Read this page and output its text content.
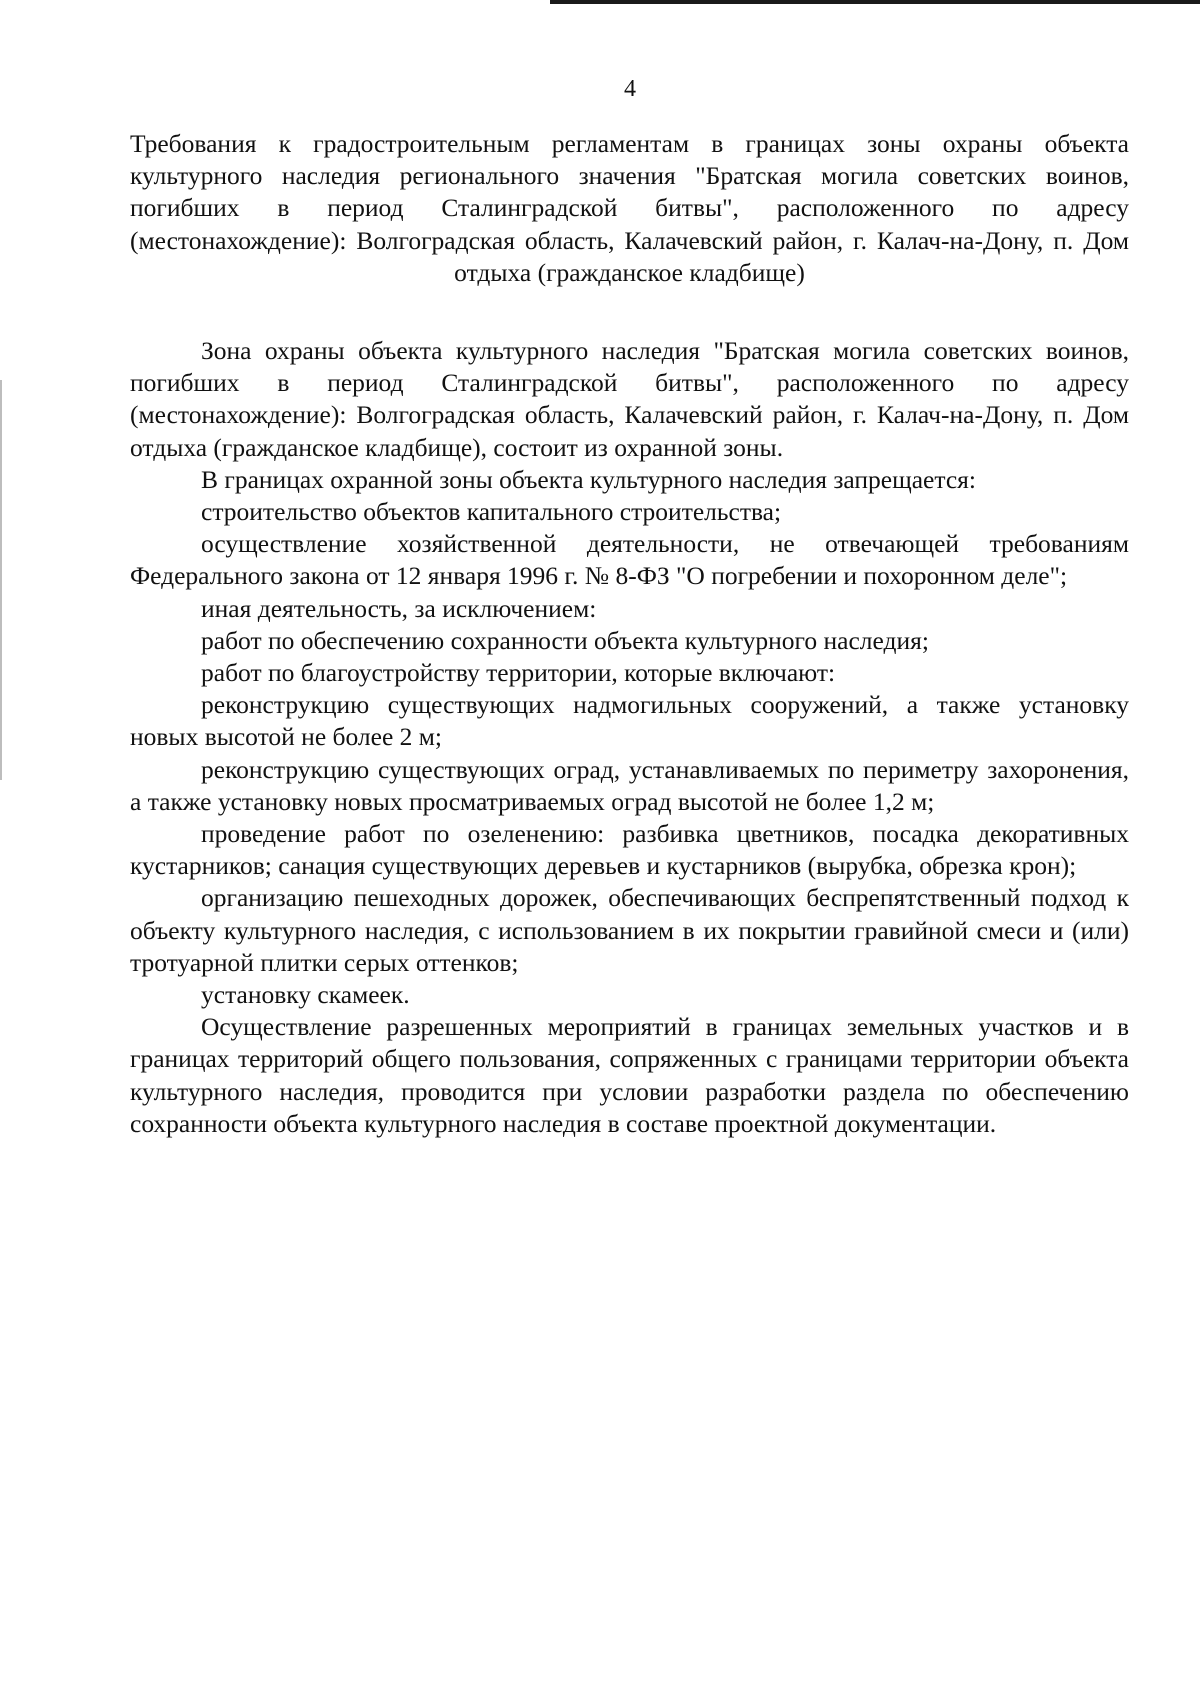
4

Требования к градостроительным регламентам в границах зоны охраны объекта культурного наследия регионального значения "Братская могила советских воинов, погибших в период Сталинградской битвы", расположенного по адресу (местонахождение): Волгоградская область, Калачевский район, г. Калач-на-Дону, п. Дом отдыха (гражданское кладбище)

Зона охраны объекта культурного наследия "Братская могила советских воинов, погибших в период Сталинградской битвы", расположенного по адресу (местонахождение): Волгоградская область, Калачевский район, г. Калач-на-Дону, п. Дом отдыха (гражданское кладбище), состоит из охранной зоны.

В границах охранной зоны объекта культурного наследия запрещается:

строительство объектов капитального строительства;

осуществление хозяйственной деятельности, не отвечающей требованиям Федерального закона от 12 января 1996 г. № 8-ФЗ "О погребении и похоронном деле";

иная деятельность, за исключением:

работ по обеспечению сохранности объекта культурного наследия;

работ по благоустройству территории, которые включают:

реконструкцию существующих надмогильных сооружений, а также установку новых высотой не более 2 м;

реконструкцию существующих оград, устанавливаемых по периметру захоронения, а также установку новых просматриваемых оград высотой не более 1,2 м;

проведение работ по озеленению: разбивка цветников, посадка декоративных кустарников; санация существующих деревьев и кустарников (вырубка, обрезка крон);

организацию пешеходных дорожек, обеспечивающих беспрепятственный подход к объекту культурного наследия, с использованием в их покрытии гравийной смеси и (или) тротуарной плитки серых оттенков;

установку скамеек.

Осуществление разрешенных мероприятий в границах земельных участков и в границах территорий общего пользования, сопряженных с границами территории объекта культурного наследия, проводится при условии разработки раздела по обеспечению сохранности объекта культурного наследия в составе проектной документации.
